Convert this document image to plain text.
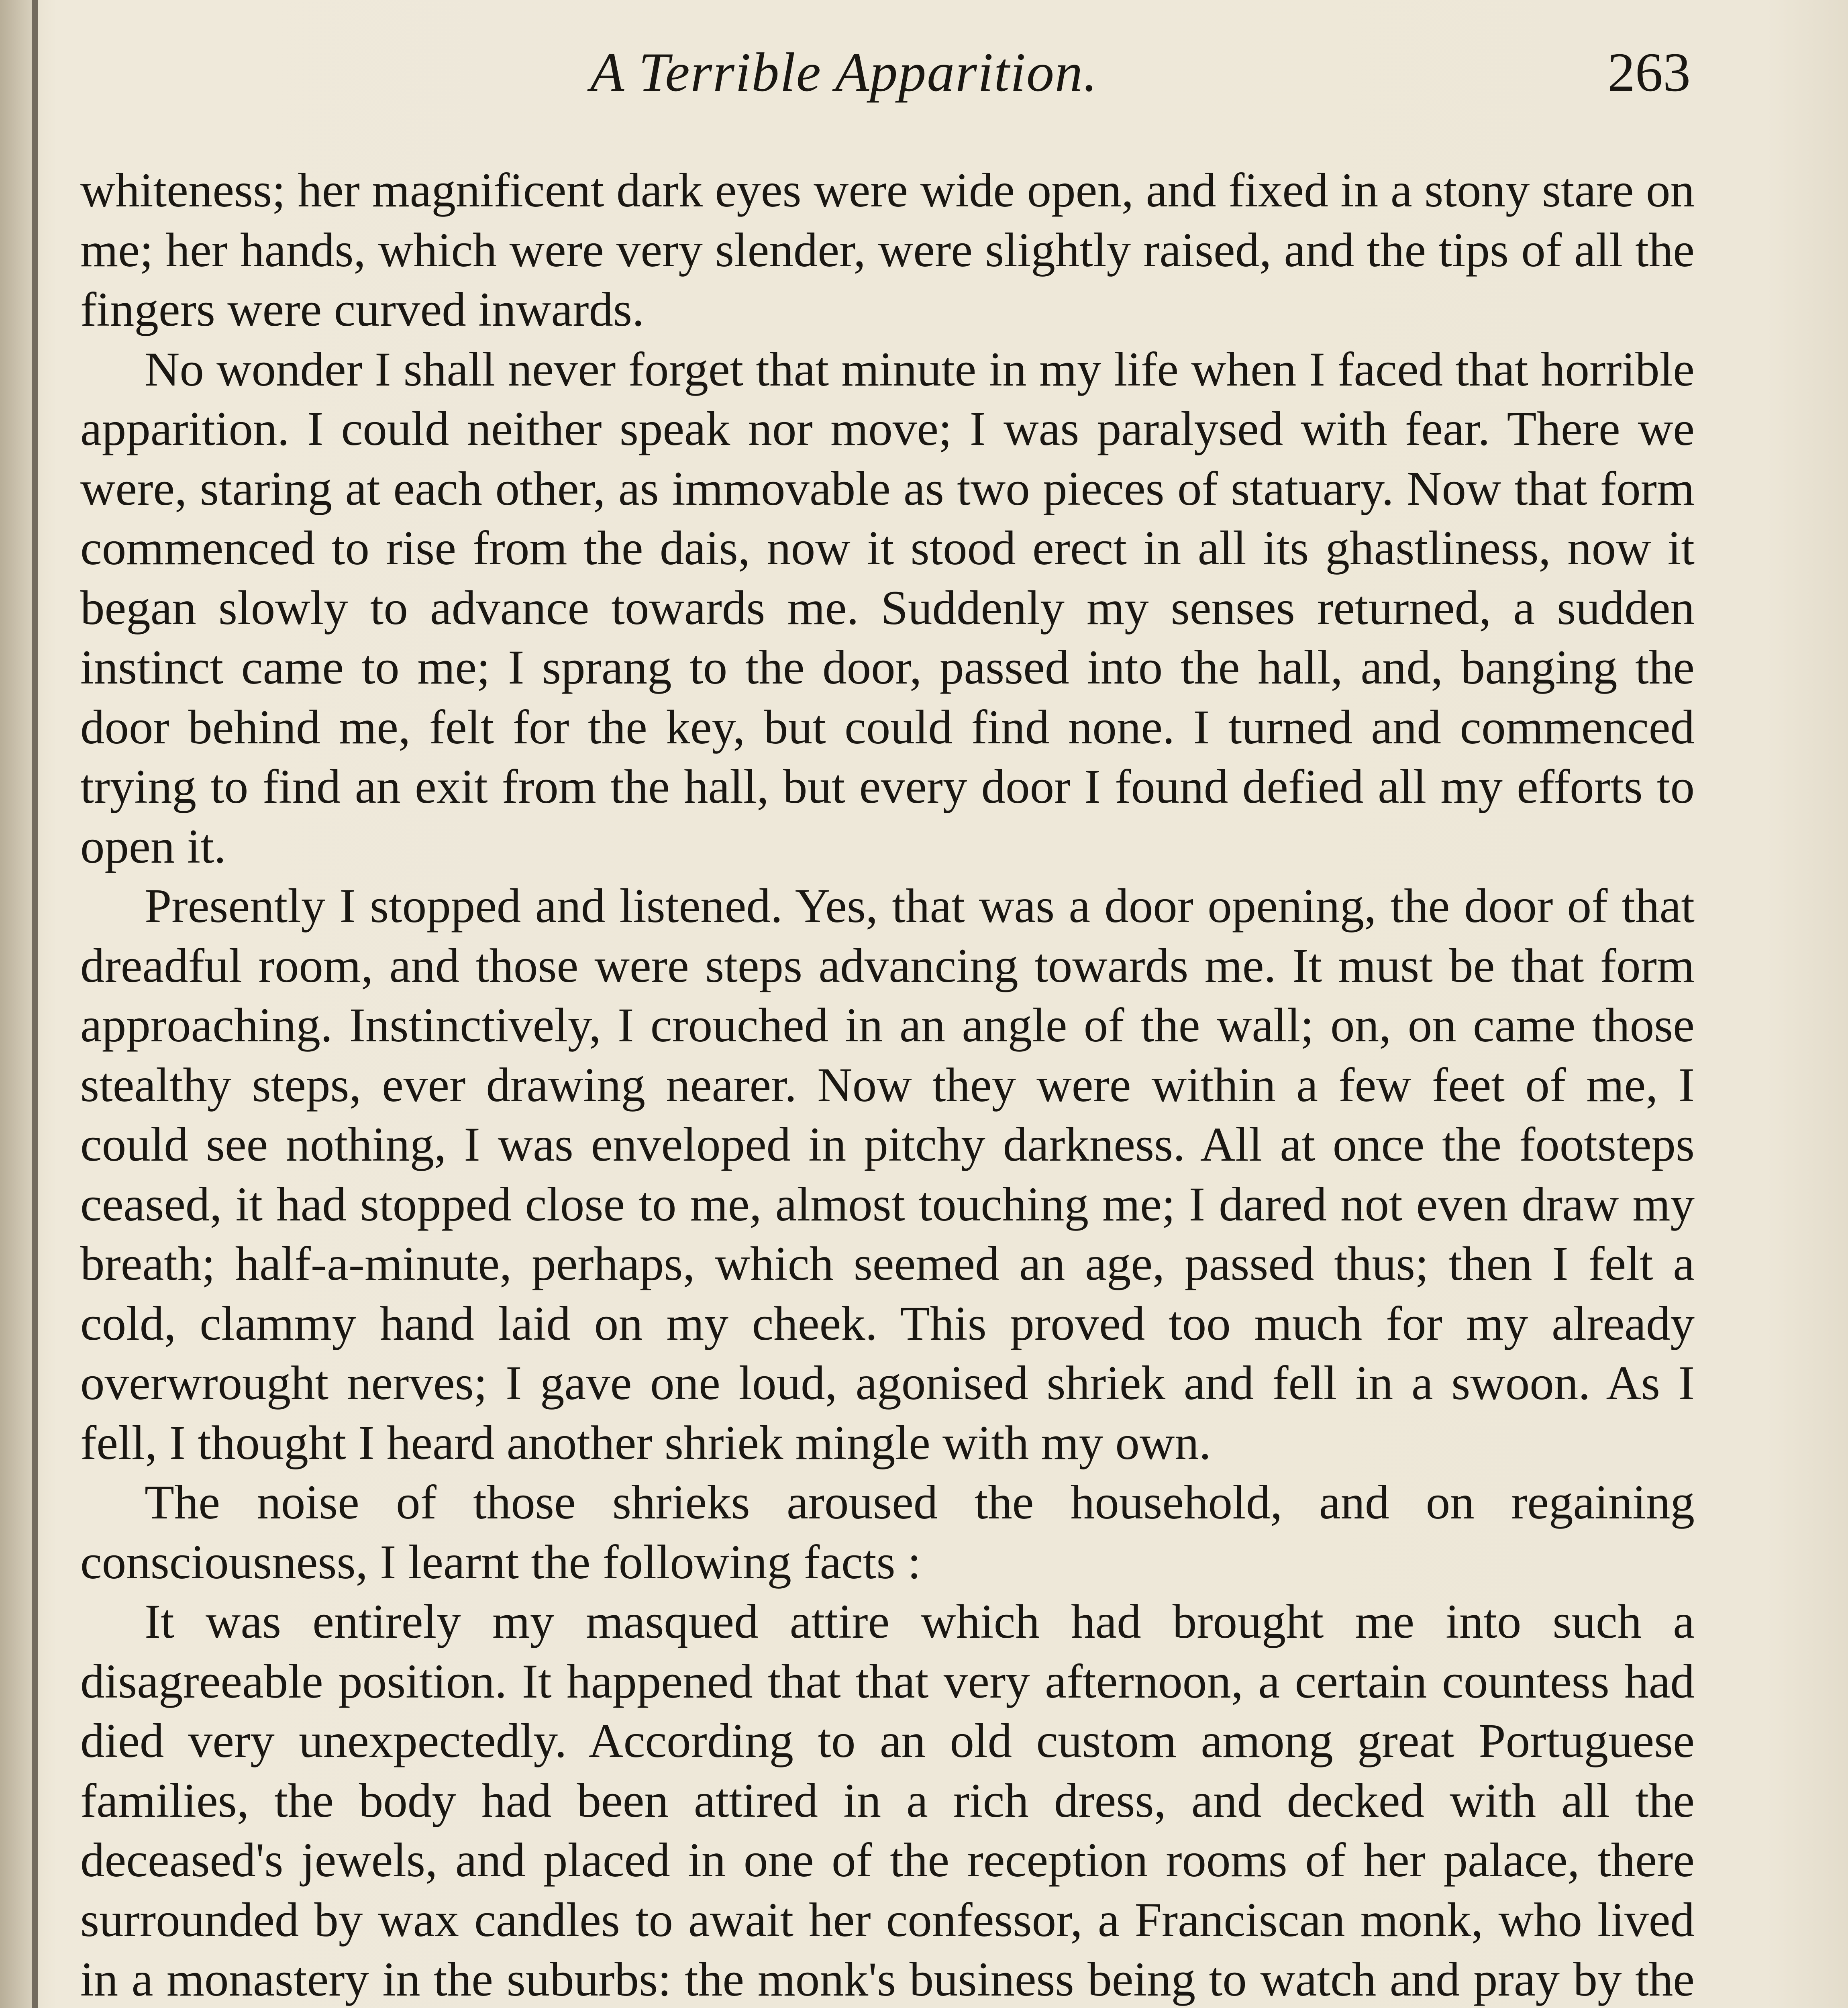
A Terrible Apparition.	263

whiteness; her magnificent dark eyes were wide open, and fixed in a stony stare on me; her hands, which were very slender, were slightly raised, and the tips of all the fingers were curved inwards.

No wonder I shall never forget that minute in my life when I faced that horrible apparition. I could neither speak nor move; I was paralysed with fear. There we were, staring at each other, as immovable as two pieces of statuary. Now that form commenced to rise from the dais, now it stood erect in all its ghastliness, now it began slowly to advance towards me. Suddenly my senses returned, a sudden instinct came to me; I sprang to the door, passed into the hall, and, banging the door behind me, felt for the key, but could find none. I turned and commenced trying to find an exit from the hall, but every door I found defied all my efforts to open it.

Presently I stopped and listened. Yes, that was a door opening, the door of that dreadful room, and those were steps advancing towards me. It must be that form approaching. Instinctively, I crouched in an angle of the wall; on, on came those stealthy steps, ever drawing nearer. Now they were within a few feet of me, I could see nothing, I was enveloped in pitchy darkness. All at once the footsteps ceased, it had stopped close to me, almost touching me; I dared not even draw my breath; half-a-minute, perhaps, which seemed an age, passed thus; then I felt a cold, clammy hand laid on my cheek. This proved too much for my already overwrought nerves; I gave one loud, agonised shriek and fell in a swoon. As I fell, I thought I heard another shriek mingle with my own.

The noise of those shrieks aroused the household, and on regaining consciousness, I learnt the following facts :

It was entirely my masqued attire which had brought me into such a disagreeable position. It happened that that very afternoon, a certain countess had died very unexpectedly. According to an old custom among great Portuguese families, the body had been attired in a rich dress, and decked with all the deceased's jewels, and placed in one of the reception rooms of her palace, there surrounded by wax candles to await her confessor, a Franciscan monk, who lived in a monastery in the suburbs: the monk's business being to watch and pray by the
